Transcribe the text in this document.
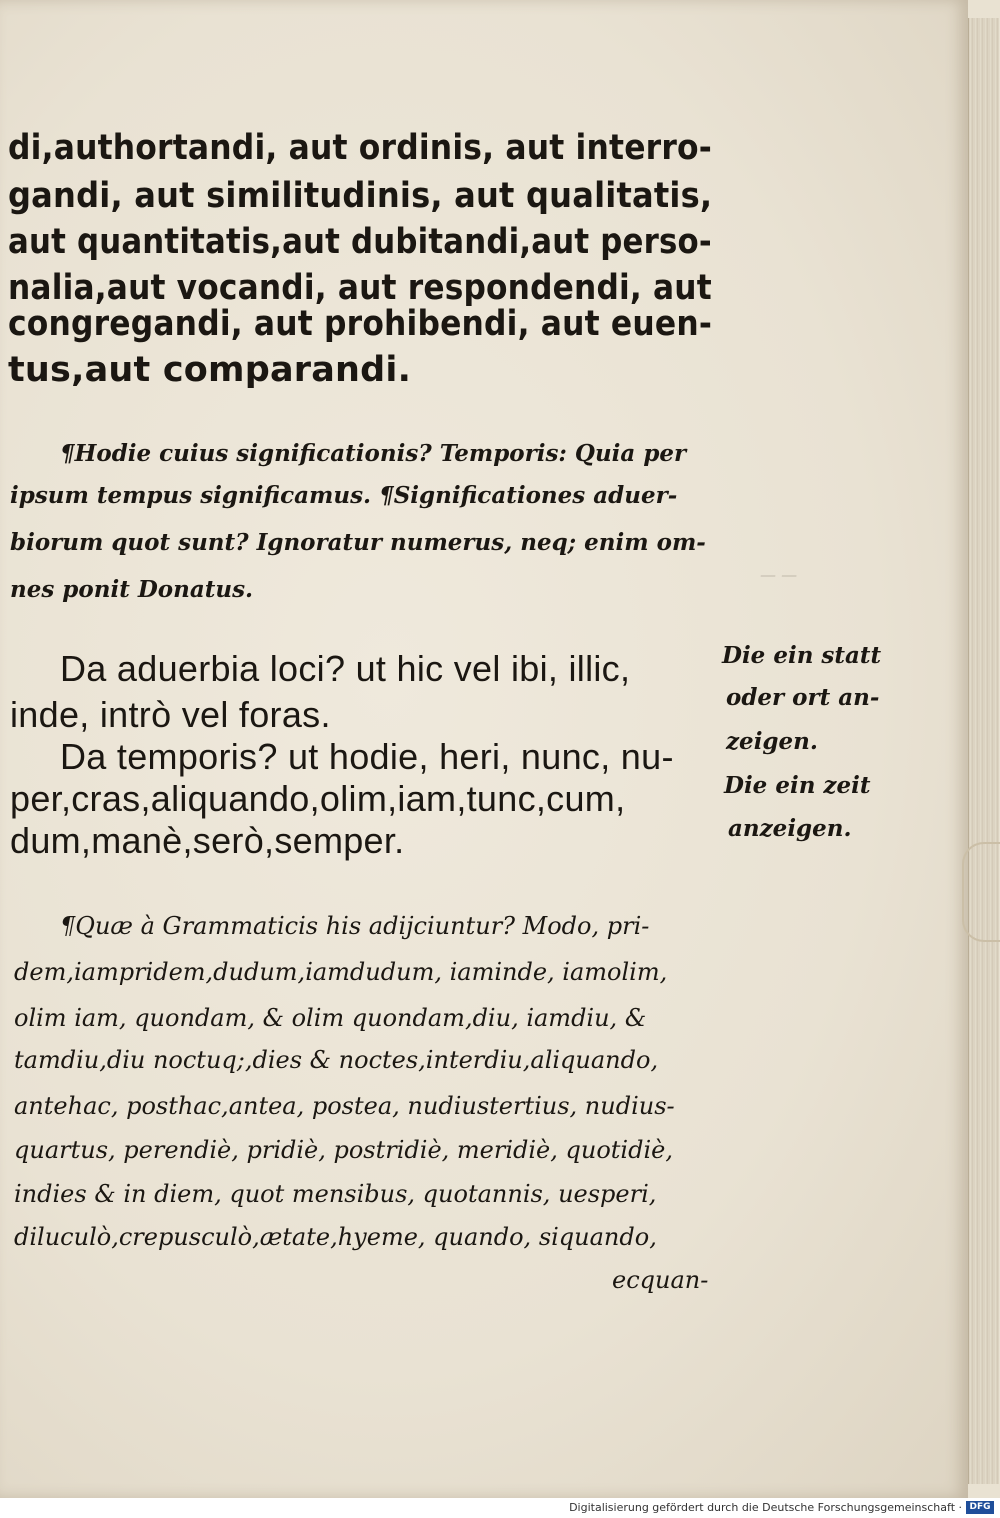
— —
di,authortandi, aut ordinis, aut interro-
gandi, aut similitudinis, aut qualitatis,
aut quantitatis,aut dubitandi,aut perso-
nalia,aut vocandi, aut respondendi, aut
congregandi, aut prohibendi, aut euen-
tus,aut comparandi.
¶Hodie cuius significationis? Temporis: Quia per
ipsum tempus significamus. ¶Significationes aduer-
biorum quot sunt? Ignoratur numerus, neq; enim om-
nes ponit Donatus.
Da aduerbia loci? ut hic vel ibi, illic,
inde, intrò vel foras.
Da temporis? ut hodie, heri, nunc, nu-
per,cras,aliquando,olim,iam,tunc,cum,
dum,manè,serò,semper.
Die ein statt
oder ort an-
zeigen.
Die ein zeit
anzeigen.
¶Quæ à Grammaticis his adijciuntur? Modo, pri-
dem,iampridem,dudum,iamdudum, iaminde, iamolim,
olim iam, quondam, & olim quondam,diu, iamdiu, &
tamdiu,diu noctuq;,dies & noctes,interdiu,aliquando,
antehac, posthac,antea, postea, nudiustertius, nudius-
quartus, perendiè, pridiè, postridiè, meridiè, quotidiè,
indies & in diem, quot mensibus, quotannis, uesperi,
diluculò,crepusculò,ætate,hyeme, quando, siquando,
ecquan-
Digitalisierung gefördert durch die Deutsche Forschungsgemeinschaft · DFG
